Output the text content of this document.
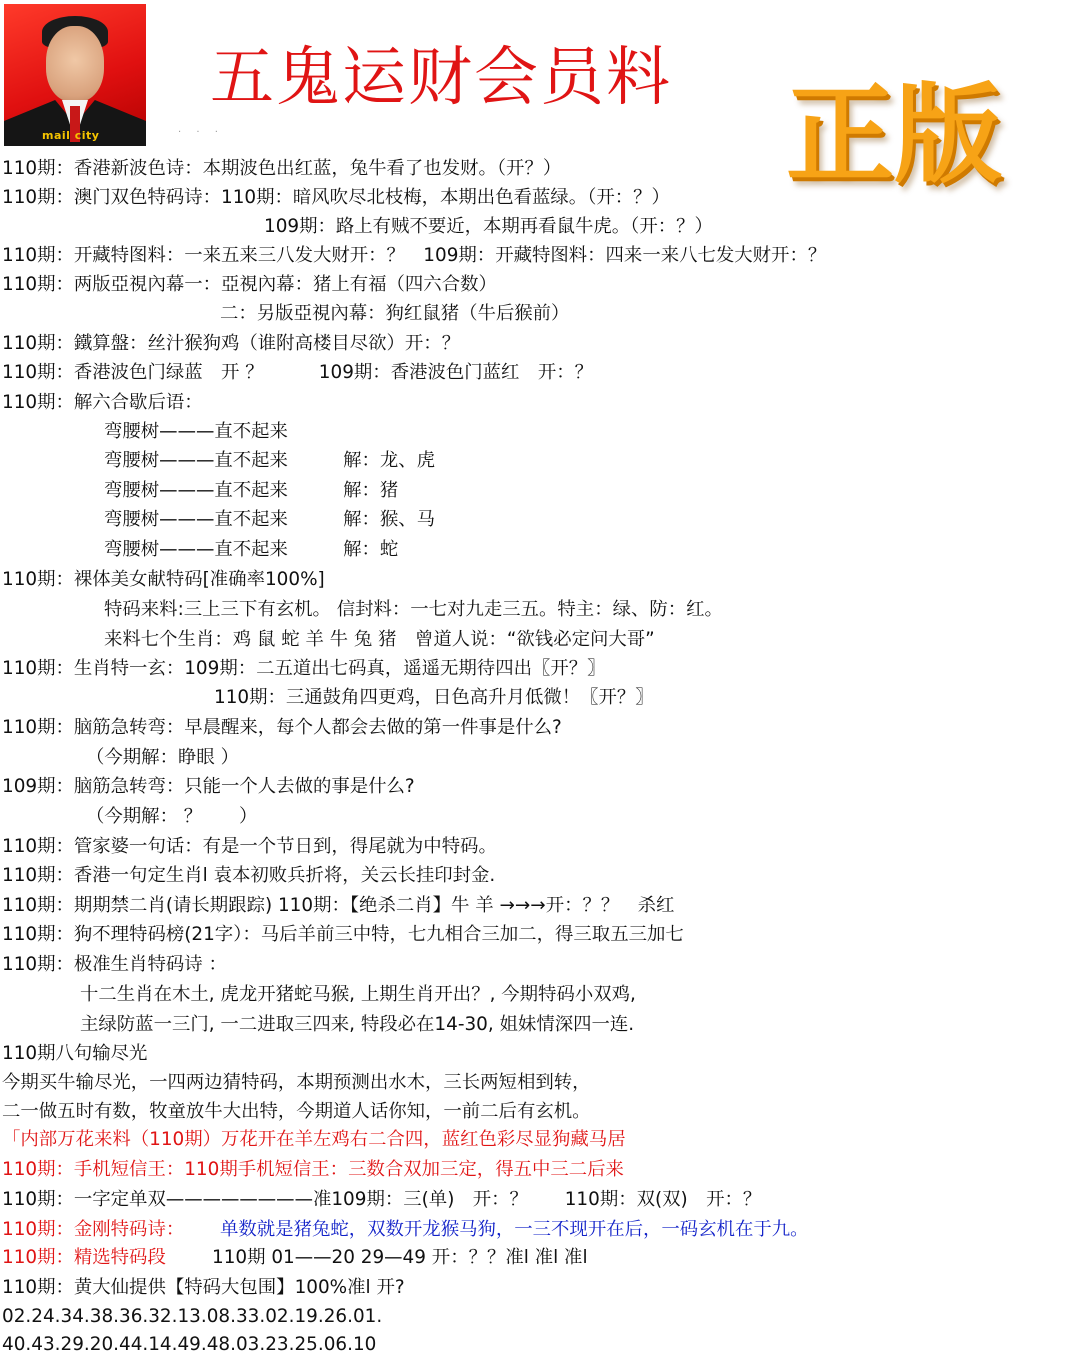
mail city
五鬼运财会员料
. . .	正版
110期：香港新波色诗：本期波色出红蓝，兔牛看了也发财。（开？）
110期：澳门双色特码诗：110期：暗风吹尽北枝梅，本期出色看蓝绿。（开：？）
109期：路上有贼不要近，本期再看鼠牛虎。（开：？）
110期：开藏特图料：一来五来三八发大财开：？　109期：开藏特图料：四来一来八七发大财开：？
110期：两版亞視內幕一：亞視內幕：猪上有福（四六合数）
二：另版亞視內幕：狗红鼠猪（牛后猴前）
110期：鐵算盤：丝汁猴狗鸡（谁附高楼目尽欲）开：？
110期：香港波色门绿蓝　开 ？　　　109期：香港波色门蓝红　开：？
110期：解六合歇后语：
弯腰树———直不起来
弯腰树———直不起来　　　解：龙、虎
弯腰树———直不起来　　　解：猪
弯腰树———直不起来　　　解：猴、马
弯腰树———直不起来　　　解：蛇
110期：裸体美女献特码[准确率100%]
特码来料:三上三下有玄机。 信封料：一七对九走三五。特主：绿、防：红。
来料七个生肖：鸡 鼠 蛇 羊 牛 兔 猪　曾道人说：“欲钱必定问大哥”
110期：生肖特一玄：109期：二五道出七码真，遥遥无期待四出〖开？〗
110期：三通鼓角四更鸡，日色高升月低微！〖开？〗
110期：脑筋急转弯：早晨醒来，每个人都会去做的第一件事是什么?
（今期解：睁眼 ）
109期：脑筋急转弯：只能一个人去做的事是什么?
（今期解： ？　　）
110期：管家婆一句话：有是一个节日到，得尾就为中特码。
110期：香港一句定生肖l 袁本初败兵折将，关云长挂印封金.
110期：期期禁二肖(请长期跟踪) 110期：【绝杀二肖】牛 羊 →→→开：？？　杀红
110期：狗不理特码榜(21字）：马后羊前三中特，七九相合三加二，得三取五三加七
110期：极准生肖特码诗 ：
十二生肖在木土, 虎龙开猪蛇马猴, 上期生肖开出？, 今期特码小双鸡,
主绿防蓝一三门, 一二进取三四来, 特段必在14-30, 姐妹情深四一连.
110期八句输尽光
今期买牛输尽光，一四两边猜特码，本期预测出水木，三长两短相到转，
二一做五时有数，牧童放牛大出特，今期道人话你知，一前二后有玄机。
「内部万花来料（110期）万花开在羊左鸡右二合四，蓝红色彩尽显狗藏马居
110期：手机短信王：110期手机短信王：三数合双加三定，得五中三二后来
110期：一字定单双————————准109期：三(单)　开：？　　110期：双(双)　开：？
110期：金刚特码诗： 单数就是猪兔蛇，双数开龙猴马狗，一三不现开在后，一码玄机在于九。
110期：精选特码段	110期 01——20 29—49 开：？？准l 准l 准l
110期：黄大仙提供【特码大包围】100%准l 开?
02.24.34.38.36.32.13.08.33.02.19.26.01.
40.43.29.20.44.14.49.48.03.23.25.06.10
